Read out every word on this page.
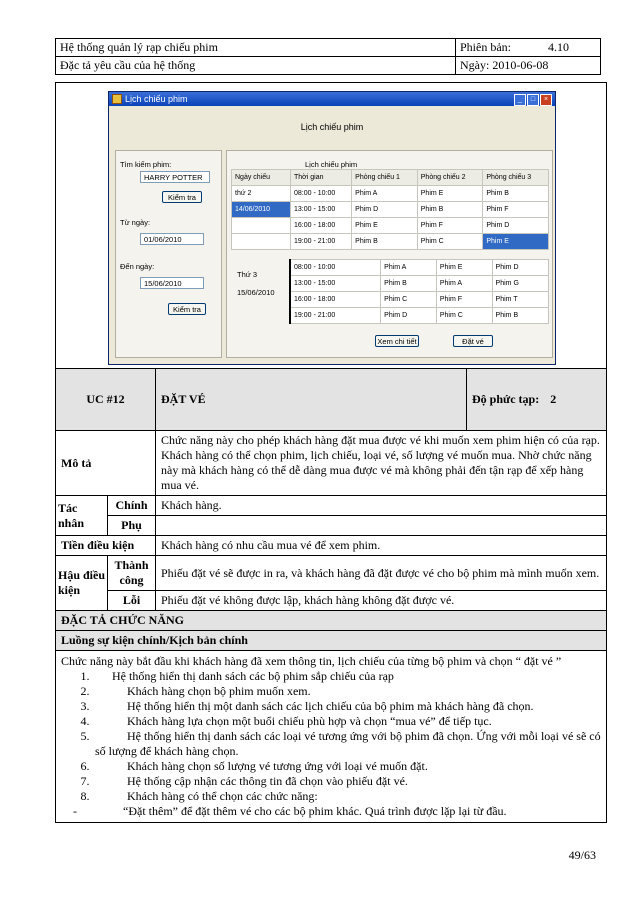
Hệ thống quản lý rạp chiếu phim	Phiên bản: 4.10
Đặc tả yêu cầu của hệ thống	Ngày: 2010-06-08
Lịch chiếu phim	_	□	×
Lịch chiếu phim
Tìm kiếm phim:
HARRY POTTER
Kiểm tra
Từ ngày:
01/06/2010
Đến ngày:
15/06/2010
Kiểm tra
Lịch chiếu phim
Ngày chiếu	Thời gian	Phòng chiếu 1	Phòng chiếu 2	Phòng chiếu 3
thứ 2	08:00 - 10:00	Phim A	Phim E	Phim B
14/06/2010	13:00 - 15:00	Phim D	Phim B	Phim F
	16:00 - 18:00	Phim E	Phim F	Phim D
	19:00 - 21:00	Phim B	Phim C	Phim E
Thứ 3
15/06/2010
08:00 - 10:00	Phim A	Phim E	Phim D
13:00 - 15:00	Phim B	Phim A	Phim G
16:00 - 18:00	Phim C	Phim F	Phim T
19:00 - 21:00	Phim D	Phim C	Phim B
Xem chi tiết	Đặt vé

UC #12	ĐẶT VÉ	Độ phức tạp: 2
Mô tả	Chức năng này cho phép khách hàng đặt mua được vé khi muốn xem phim hiện có của rạp. Khách hàng có thể chọn phim, lịch chiếu, loại vé, số lượng vé muốn mua. Nhờ chức năng này mà khách hàng có thể dễ dàng mua được vé mà không phải đến tận rạp để xếp hàng mua vé.
Tác nhân	Chính	Khách hàng.
Phụ	
Tiền điều kiện	Khách hàng có nhu cầu mua vé để xem phim.
Hậu điều kiện	Thành công	Phiếu đặt vé sẽ được in ra, và khách hàng đã đặt được vé cho bộ phim mà mình muốn xem.
Lỗi	Phiếu đặt vé không được lập, khách hàng không đặt được vé.
ĐẶC TẢ CHỨC NĂNG
Luồng sự kiện chính/Kịch bản chính

Chức năng này bắt đầu khi khách hàng đã xem thông tin, lịch chiếu của từng bộ phim và chọn “ đặt vé ”
1. Hệ thống hiển thị danh sách các bộ phim sắp chiếu của rạp
2.	Khách hàng chọn bộ phim muốn xem.
3.	Hệ thống hiển thị một danh sách các lịch chiếu của bộ phim mà khách hàng đã chọn.
4.	Khách hàng lựa chọn một buổi chiếu phù hợp và chọn “mua vé” để tiếp tục.
5.	Hệ thống hiển thị danh sách các loại vé tương ứng với bộ phim đã chọn. Ứng với mỗi loại vé sẽ có số lượng để khách hàng chọn.
6.	Khách hàng chọn số lượng vé tương ứng với loại vé muốn đặt.
7.	Hệ thống cập nhận các thông tin đã chọn vào phiếu đặt vé.
8.	Khách hàng có thể chọn các chức năng:
-	“Đặt thêm” để đặt thêm vé cho các bộ phim khác. Quá trình được lặp lại từ đầu.
49/63
